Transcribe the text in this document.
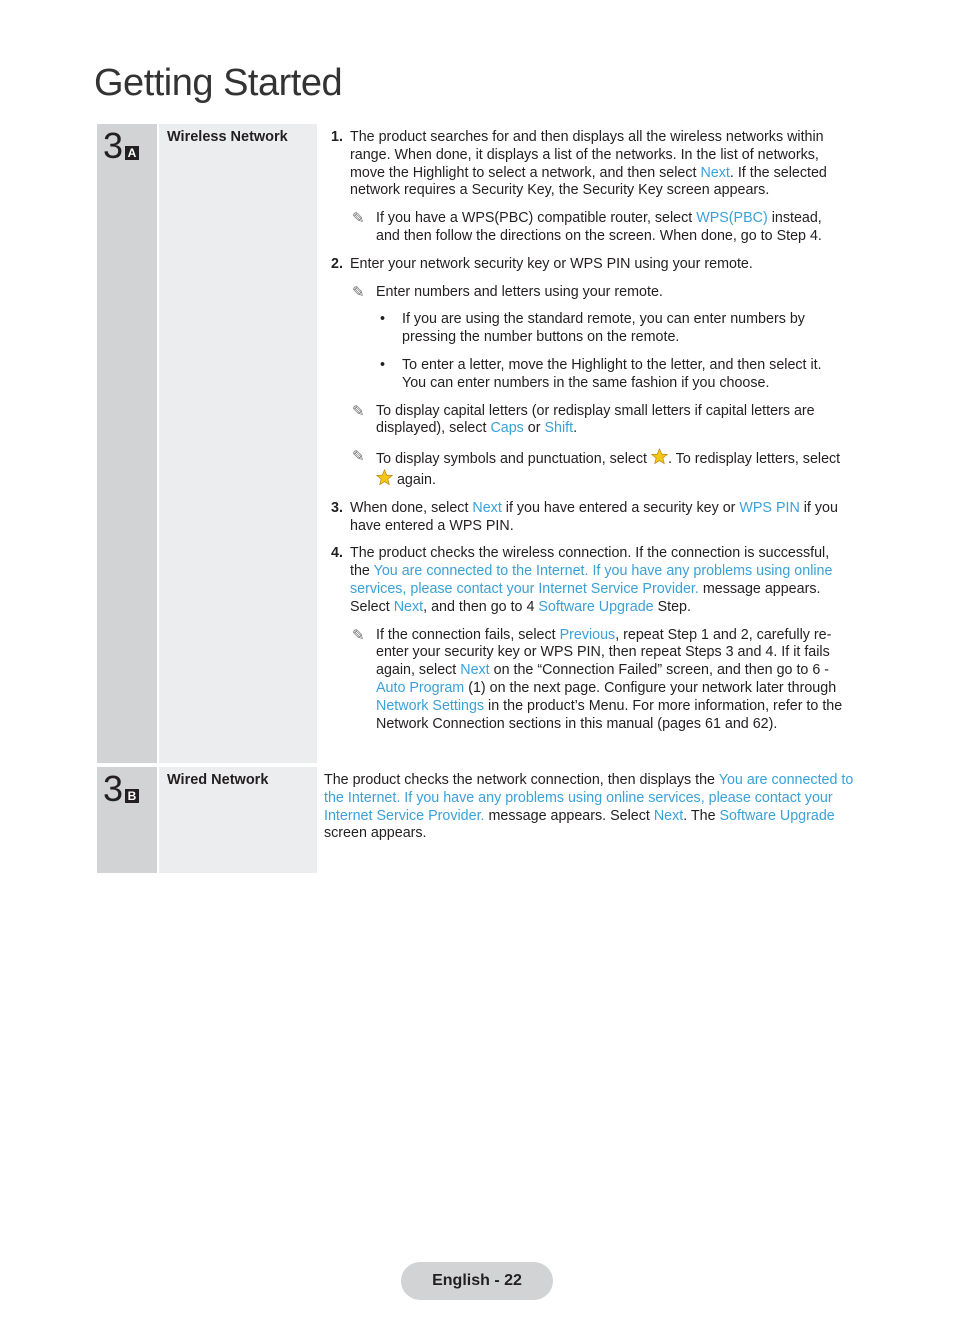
Getting Started
3 A
Wireless Network	1. The product searches for and then displays all the wireless networks within range. When done, it displays a list of the networks. In the list of networks, move the Highlight to select a network, and then select Next. If the selected network requires a Security Key, the Security Key screen appears.
✎ If you have a WPS(PBC) compatible router, select WPS(PBC) instead, and then follow the directions on the screen. When done, go to Step 4.
2. Enter your network security key or WPS PIN using your remote.
✎ Enter numbers and letters using your remote.
• If you are using the standard remote, you can enter numbers by pressing the number buttons on the remote.
• To enter a letter, move the Highlight to the letter, and then select it. You can enter numbers in the same fashion if you choose.
✎ To display capital letters (or redisplay small letters if capital letters are displayed), select Caps or Shift.
✎ To display symbols and punctuation, select . To redisplay letters, select  again.
3. When done, select Next if you have entered a security key or WPS PIN if you have entered a WPS PIN.
4. The product checks the wireless connection. If the connection is successful, the You are connected to the Internet. If you have any problems using online services, please contact your Internet Service Provider. message appears. Select Next, and then go to 4 Software Upgrade Step.
✎ If the connection fails, select Previous, repeat Step 1 and 2, carefully re-enter your security key or WPS PIN, then repeat Steps 3 and 4. If it fails again, select Next on the “Connection Failed” screen, and then go to 6 - Auto Program (1) on the next page. Configure your network later through Network Settings in the product’s Menu. For more information, refer to the Network Connection sections in this manual (pages 61 and 62).
3 B
Wired Network	The product checks the network connection, then displays the You are connected to the Internet. If you have any problems using online services, please contact your Internet Service Provider. message appears. Select Next. The Software Upgrade screen appears.
English - 22
